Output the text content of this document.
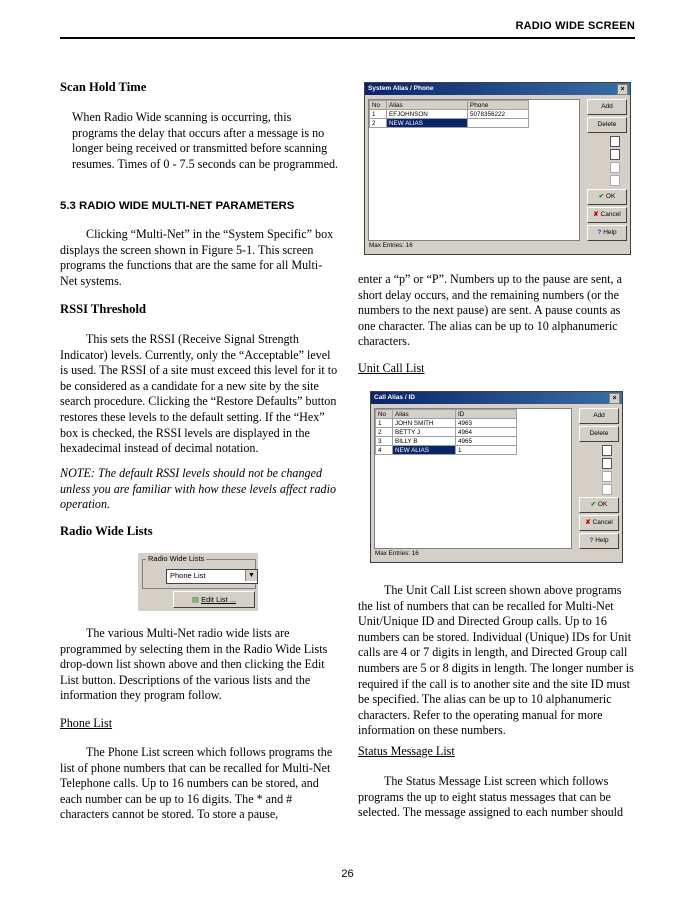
RADIO WIDE SCREEN

Scan Hold Time

When Radio Wide scanning is occurring, this programs the delay that occurs after a message is no longer being received or transmitted before scanning resumes. Times of 0 - 7.5 seconds can be programmed.

5.3 RADIO WIDE MULTI-NET PARAMETERS

Clicking “Multi-Net” in the “System Specific” box displays the screen shown in Figure 5-1. This screen programs the functions that are the same for all Multi-Net systems.

RSSI Threshold

This sets the RSSI (Receive Signal Strength Indicator) levels. Currently, only the “Acceptable” level is used. The RSSI of a site must exceed this level for it to be considered as a candidate for a new site by the site search procedure. Clicking the “Restore Defaults” button restores these levels to the default setting. If the “Hex” box is checked, the RSSI levels are displayed in the hexadecimal instead of decimal notation.

NOTE: The default RSSI levels should not be changed unless you are familiar with how these levels affect radio operation.

Radio Wide Lists

The various Multi-Net radio wide lists are programmed by selecting them in the Radio Wide Lists drop-down list shown above and then clicking the Edit List button. Descriptions of the various lists and the information they program follow.

Phone List

The Phone List screen which follows programs the list of phone numbers that can be recalled for Multi-Net Telephone calls. Up to 16 numbers can be stored, and each number can be up to 16 digits. The * and # characters cannot be stored. To store a pause,

Radio Wide Lists
Phone List	▼
▤ Edit List ...
System Alias / Phone	×
No	Alias	Phone
1	EFJOHNSON	5078356222
2	NEW ALIAS	
Add
Delete
✔ OK
✘ Cancel
? Help
Max Entries: 16

enter a “p” or “P”. Numbers up to the pause are sent, a short delay occurs, and the remaining numbers (or the numbers to the next pause) are sent. A pause counts as one character. The alias can be up to 10 alphanumeric characters.

Unit Call List

The Unit Call List screen shown above programs the list of numbers that can be recalled for Multi-Net Unit/Unique ID and Directed Group calls. Up to 16 numbers can be stored. Individual (Unique) IDs for Unit calls are 4 or 7 digits in length, and Directed Group call numbers are 5 or 8 digits in length. The longer number is required if the call is to another site and the site ID must be specified. The alias can be up to 10 alphanumeric characters. Refer to the operating manual for more information on these numbers.

Status Message List

The Status Message List screen which follows programs the up to eight status messages that can be selected. The message assigned to each number should

Call Alias / ID	×
No	Alias	ID
1	JOHN SMITH	4963
2	BETTY J	4964
3	BILLY B	4965
4	NEW ALIAS	1
Add
Delete
✔ OK
✘ Cancel
? Help
Max Entries: 16
26
